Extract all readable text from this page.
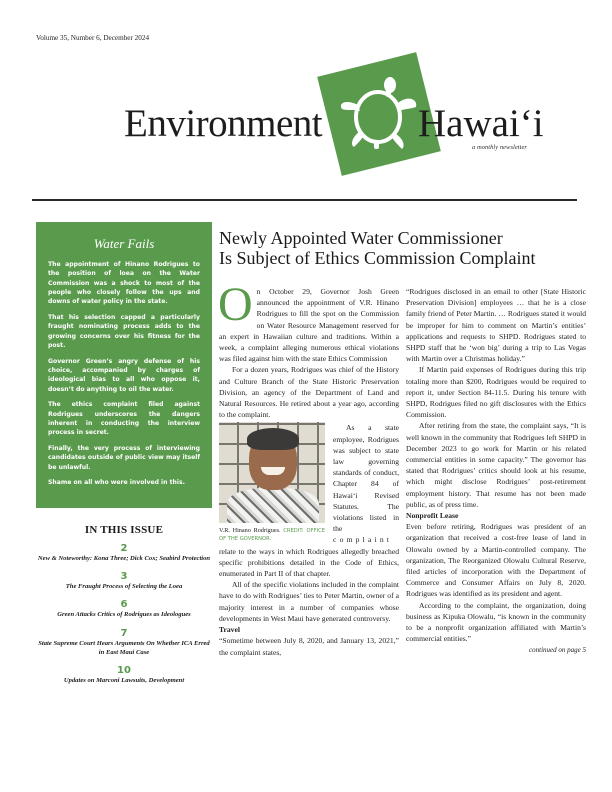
Volume 35, Number 6, December 2024
Environment Hawaiʻi
a monthly newsletter
Water Fails

The appointment of Hinano Rodrigues to the position of loea on the Water Commission was a shock to most of the people who closely follow the ups and downs of water policy in the state.

That his selection capped a particularly fraught nominating process adds to the growing concerns over his fitness for the post.

Governor Green’s angry defense of his choice, accompanied by charges of ideological bias to all who oppose it, doesn’t do anything to oil the water.

The ethics complaint filed against Rodrigues underscores the dangers inherent in conducting the interview process in secret.

Finally, the very process of interviewing candidates outside of public view may itself be unlawful.

Shame on all who were involved in this.

IN THIS ISSUE
2
New & Noteworthy: Kona Three; Dick Cox; Seabird Protection
3
The Fraught Process of Selecting the Loea
6
Green Attacks Critics of Rodrigues as Ideologues
7
State Supreme Court Hears Arguments On Whether ICA Erred in East Maui Case
10
Updates on Marconi Lawsuits, Development
Newly Appointed Water Commissioner
Is Subject of Ethics Commission Complaint

On October 29, Governor Josh Green announced the appointment of V.R. Hinano Rodrigues to fill the spot on the Commission on Water Resource Management reserved for an expert in Hawaiian culture and traditions. Within a week, a complaint alleging numerous ethical violations was filed against him with the state Ethics Commission

For a dozen years, Rodrigues was chief of the History and Culture Branch of the State Historic Preservation Division, an agency of the Department of Land and Natural Resources. He retired about a year ago, according to the complaint.

V.R. Hinano Rodrigues. CREDIT: OFFICE OF THE GOVERNOR.

As a state employee, Rodrigues was subject to state law governing standards of conduct, Chapter 84 of Hawaiʻi Revised Statutes. The violations listed in the complaint relate to the ways in which Rodrigues allegedly breached specific prohibitions detailed in the Code of Ethics, enumerated in Part II of that chapter.

All of the specific violations included in the complaint have to do with Rodrigues’ ties to Peter Martin, owner of a majority interest in a number of companies whose developments in West Maui have generated controversy.

Travel

“Sometime between July 8, 2020, and January 13, 2021,” the complaint states,

“Rodrigues disclosed in an email to other [State Historic Preservation Division] employees … that he is a close family friend of Peter Martin. … Rodrigues stated it would be improper for him to comment on Martin’s entities’ applications and requests to SHPD. Rodrigues stated to SHPD staff that he ‘won big’ during a trip to Las Vegas with Martin over a Christmas holiday.”

If Martin paid expenses of Rodrigues during this trip totaling more than $200, Rodrigues would be required to report it, under Section 84-11.5. During his tenure with SHPD, Rodrigues filed no gift disclosures with the Ethics Commission.

After retiring from the state, the complaint says, “It is well known in the community that Rodrigues left SHPD in December 2023 to go work for Martin or his related commercial entities in some capacity.” The governor has stated that Rodrigues’ critics should look at his resume, which might disclose Rodrigues’ post-retirement employment history. That resume has not been made public, as of press time.

Nonprofit Lease

Even before retiring, Rodrigues was president of an organization that received a cost-free lease of land in Olowalu owned by a Martin-controlled company. The organization, The Reorganized Olowalu Cultural Reserve, filed articles of incorporation with the Department of Commerce and Consumer Affairs on July 8, 2020. Rodrigues was identified as its president and agent.

According to the complaint, the organization, doing business as Kipuka Olowalu, “is known in the community to be a nonprofit organization affiliated with Martin’s commercial entities.”

continued on page 5
